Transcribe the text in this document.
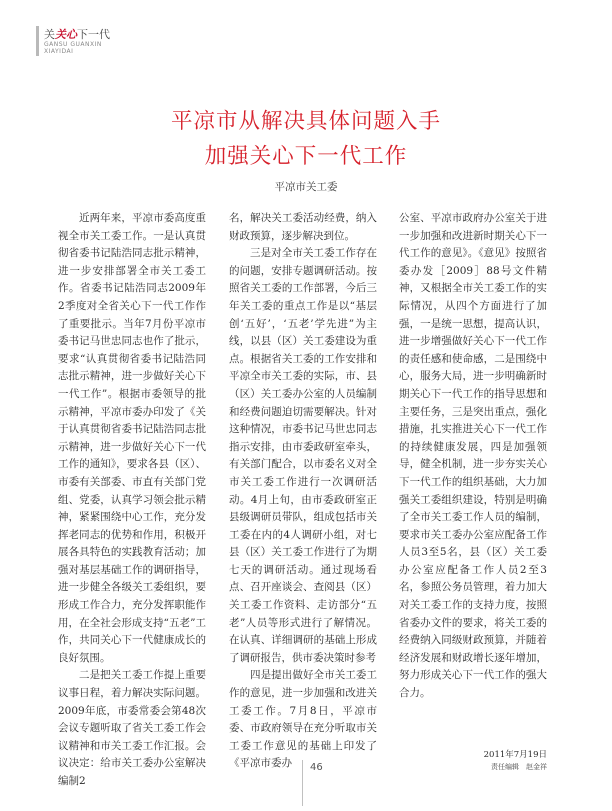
关关心下一代
GANSU GUANXIN
XIAYIDAI
平凉市从解决具体问题入手
加强关心下一代工作
平凉市关工委

近两年来，平凉市委高度重视全市关工委工作。一是认真贯彻省委书记陆浩同志批示精神，进一步安排部署全市关工委工作。省委书记陆浩同志2009年2季度对全省关心下一代工作作了重要批示。当年7月份平凉市委书记马世忠同志也作了批示，要求“认真贯彻省委书记陆浩同志批示精神，进一步做好关心下一代工作”。根据市委领导的批示精神，平凉市委办印发了《关于认真贯彻省委书记陆浩同志批示精神，进一步做好关心下一代工作的通知》，要求各县（区）、市委有关部委、市直有关部门党组、党委，认真学习领会批示精神，紧紧围绕中心工作，充分发挥老同志的优势和作用，积极开展各具特色的实践教育活动；加强对基层基础工作的调研指导，进一步健全各级关工委组织，要形成工作合力，充分发挥职能作用，在全社会形成支持“五老”工作，共同关心下一代健康成长的良好氛围。

二是把关工委工作提上重要议事日程，着力解决实际问题。2009年底，市委常委会第48次会议专题听取了省关工委工作会议精神和市关工委工作汇报。会议决定：给市关工委办公室解决编制2

名，解决关工委活动经费，纳入财政预算，逐步解决到位。

三是对全市关工委工作存在的问题，安排专题调研活动。按照省关工委的工作部署，今后三年关工委的重点工作是以“基层创‘五好’，‘五老’学先进”为主线，以县（区）关工委建设为重点。根据省关工委的工作安排和平凉全市关工委的实际，市、县（区）关工委办公室的人员编制和经费问题迫切需要解决。针对这种情况，市委书记马世忠同志指示安排，由市委政研室牵头，有关部门配合，以市委名义对全市关工委工作进行一次调研活动。4月上旬，由市委政研室正县级调研员带队，组成包括市关工委在内的4人调研小组，对七县（区）关工委工作进行了为期七天的调研活动。通过现场看点、召开座谈会、查阅县（区）关工委工作资料、走访部分“五老”人员等形式进行了解情况。在认真、详细调研的基础上形成了调研报告，供市委决策时参考

四是提出做好全市关工委工作的意见，进一步加强和改进关工委工作。7月8日，平凉市委、市政府领导在充分听取市关工委工作意见的基础上印发了《平凉市委办

公室、平凉市政府办公室关于进一步加强和改进新时期关心下一代工作的意见》。《意见》按照省委办发［2009］88号文件精神，又根据全市关工委工作的实际情况，从四个方面进行了加强，一是统一思想，提高认识，进一步增强做好关心下一代工作的责任感和使命感，二是围绕中心，服务大局，进一步明确新时期关心下一代工作的指导思想和主要任务，三是突出重点，强化措施，扎实推进关心下一代工作的持续健康发展，四是加强领导，健全机制，进一步夯实关心下一代工作的组织基础，大力加强关工委组织建设，特别是明确了全市关工委工作人员的编制，要求市关工委办公室应配备工作人员3至5名，县（区）关工委办公室应配备工作人员2至3名，参照公务员管理，着力加大对关工委工作的支持力度，按照省委办文件的要求，将关工委的经费纳入同级财政预算，并随着经济发展和财政增长逐年增加，努力形成关心下一代工作的强大合力。

2011年7月19日
责任编辑　赵金祥
46
